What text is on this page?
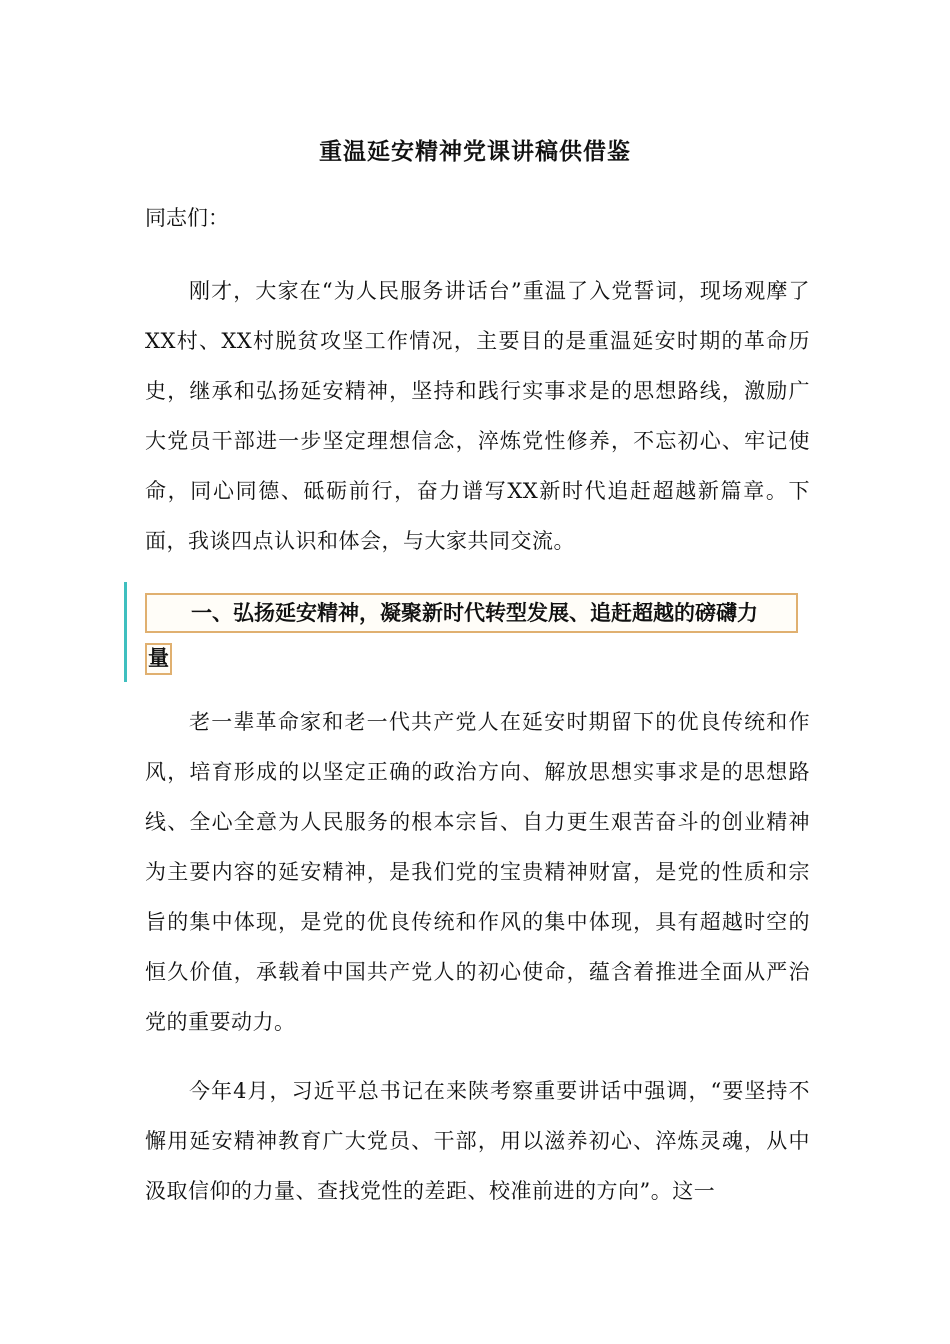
重温延安精神党课讲稿供借鉴
同志们：

刚才，大家在“为人民服务讲话台”重温了入党誓词，现场观摩了XX村、XX村脱贫攻坚工作情况，主要目的是重温延安时期的革命历史，继承和弘扬延安精神，坚持和践行实事求是的思想路线，激励广大党员干部进一步坚定理想信念，淬炼党性修养，不忘初心、牢记使命，同心同德、砥砺前行，奋力谱写XX新时代追赶超越新篇章。下面，我谈四点认识和体会，与大家共同交流。

一、弘扬延安精神，凝聚新时代转型发展、追赶超越的磅礴力
量

老一辈革命家和老一代共产党人在延安时期留下的优良传统和作风，培育形成的以坚定正确的政治方向、解放思想实事求是的思想路线、全心全意为人民服务的根本宗旨、自力更生艰苦奋斗的创业精神为主要内容的延安精神，是我们党的宝贵精神财富，是党的性质和宗旨的集中体现，是党的优良传统和作风的集中体现，具有超越时空的恒久价值，承载着中国共产党人的初心使命，蕴含着推进全面从严治党的重要动力。

今年4月，习近平总书记在来陕考察重要讲话中强调，“要坚持不懈用延安精神教育广大党员、干部，用以滋养初心、淬炼灵魂，从中汲取信仰的力量、查找党性的差距、校准前进的方向”。这一
